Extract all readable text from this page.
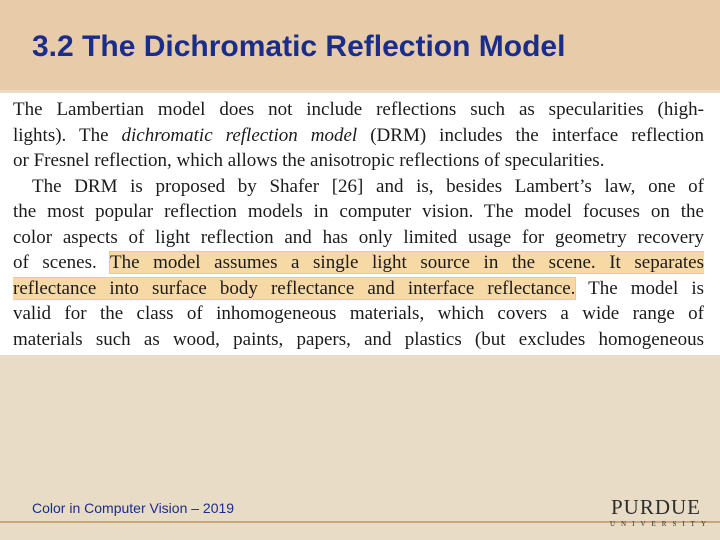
3.2 The Dichromatic Reflection Model
The Lambertian model does not include reflections such as specularities (high-
lights). The dichromatic reflection model (DRM) includes the interface reflection
or Fresnel reflection, which allows the anisotropic reflections of specularities.
 The DRM is proposed by Shafer [26] and is, besides Lambert’s law, one of
the most popular reflection models in computer vision. The model focuses on the
color aspects of light reflection and has only limited usage for geometry recovery
of scenes. The model assumes a single light source in the scene. It separates
reflectance into surface body reflectance and interface reflectance. The model is
valid for the class of inhomogeneous materials, which covers a wide range of
materials such as wood, paints, papers, and plastics (but excludes homogeneous
Color in Computer Vision – 2019	PURDUE
UNIVERSITY
